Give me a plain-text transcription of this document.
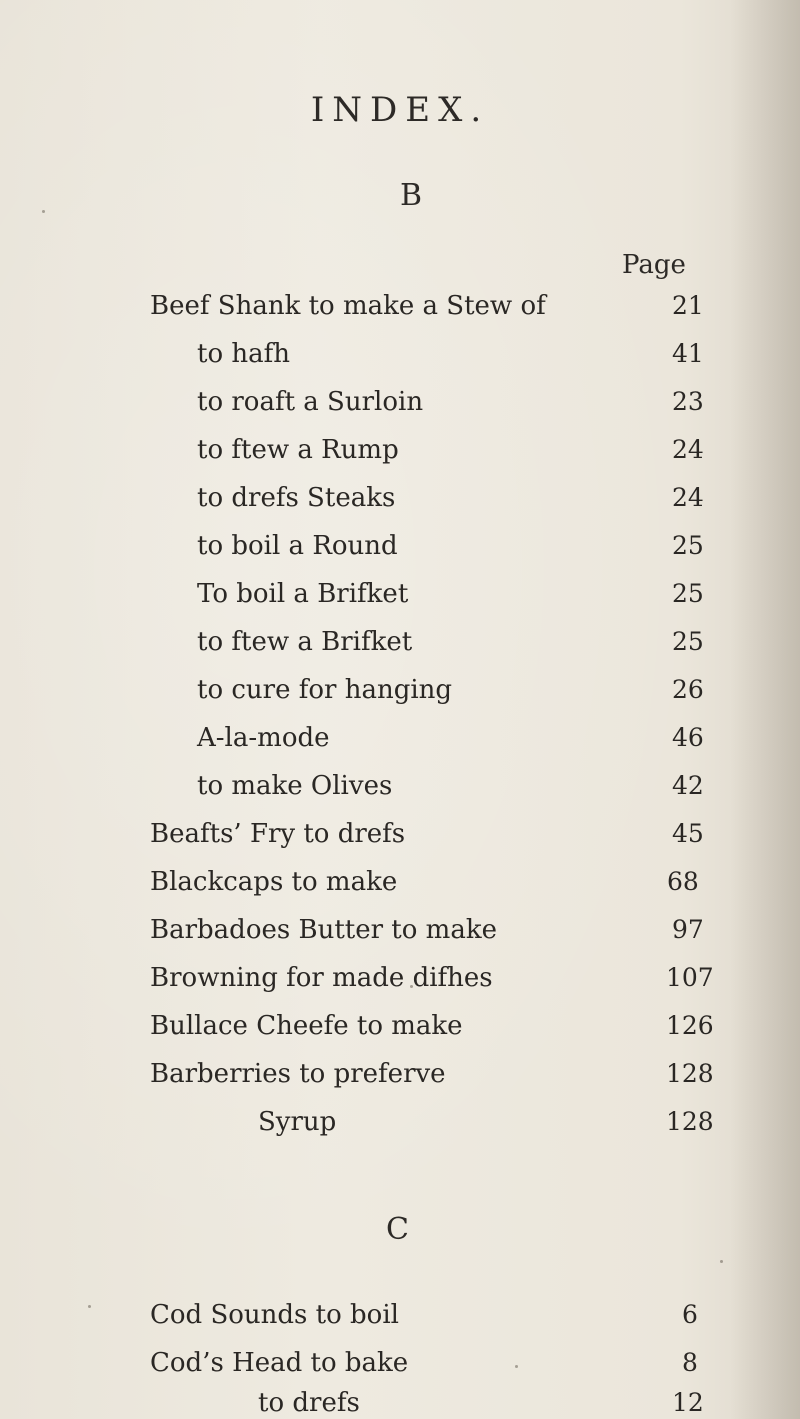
INDEX.
B
Page
Beef Shank to make a Stew of	21
to hafh	41
to roaft a Surloin	23
to ftew a Rump	24
to drefs Steaks	24
to boil a Round	25
To boil a Brifket	25
to ftew a Brifket	25
to cure for hanging	26
A-la-mode	46
to make Olives	42
Beafts’ Fry to drefs	45
Blackcaps to make	68
Barbadoes Butter to make	97
Browning for made difhes	107
Bullace Cheefe to make	126
Barberries to preferve	128
Syrup	128
C
Cod Sounds to boil	6
Cod’s Head to bake	8
to drefs	12
